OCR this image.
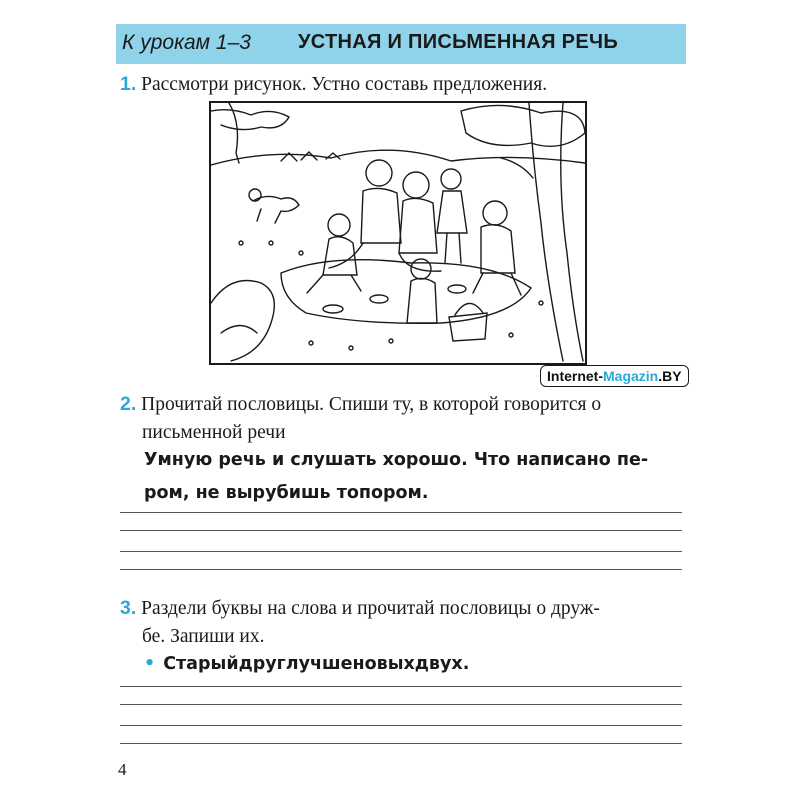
К урокам 1–3 УСТНАЯ И ПИСЬМЕННАЯ РЕЧЬ
1. Рассмотри рисунок. Устно составь предложения.
Internet-Magazin.BY
2. Прочитай пословицы. Спиши ту, в которой говорится о
письменной речи
Умную речь и слушать хорошо. Что написано пе-
ром, не вырубишь топором.
3. Раздели буквы на слова и прочитай пословицы о друж-
бе. Запиши их.
• Старыйдруглучшеновыхдвух.
4
